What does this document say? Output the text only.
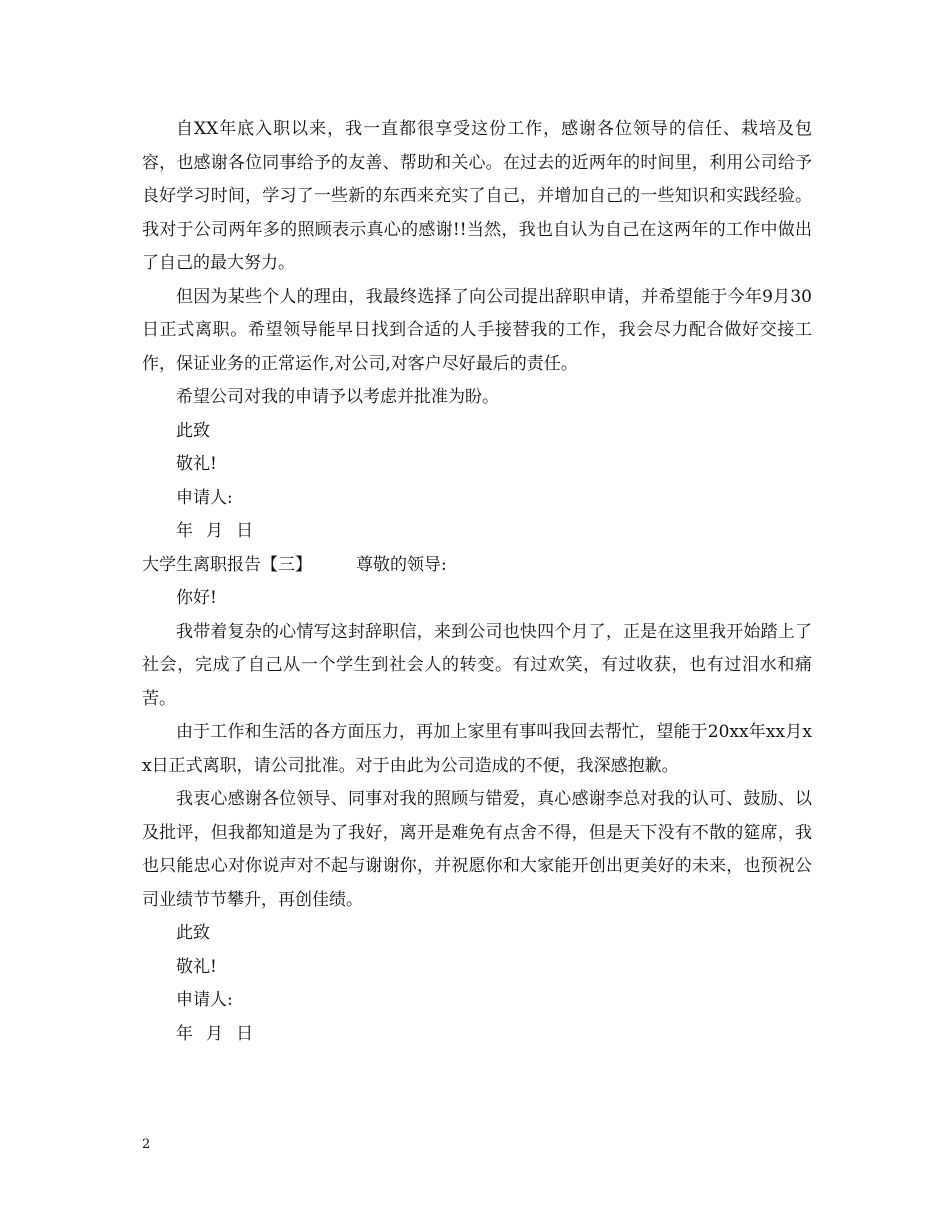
自XX年底入职以来，我一直都很享受这份工作，感谢各位领导的信任、栽培及包容，也感谢各位同事给予的友善、帮助和关心。在过去的近两年的时间里，利用公司给予良好学习时间，学习了一些新的东西来充实了自己，并增加自己的一些知识和实践经验。我对于公司两年多的照顾表示真心的感谢!!当然，我也自认为自己在这两年的工作中做出了自己的最大努力。

但因为某些个人的理由，我最终选择了向公司提出辞职申请，并希望能于今年9月30日正式离职。希望领导能早日找到合适的人手接替我的工作，我会尽力配合做好交接工作，保证业务的正常运作,对公司,对客户尽好最后的责任。

希望公司对我的申请予以考虑并批准为盼。

此致

敬礼!

申请人:

年 月 日

大学生离职报告【三】	尊敬的领导:

你好!

我带着复杂的心情写这封辞职信，来到公司也快四个月了，正是在这里我开始踏上了社会，完成了自己从一个学生到社会人的转变。有过欢笑，有过收获，也有过泪水和痛苦。

由于工作和生活的各方面压力，再加上家里有事叫我回去帮忙，望能于20xx年xx月xx日正式离职，请公司批准。对于由此为公司造成的不便，我深感抱歉。

我衷心感谢各位领导、同事对我的照顾与错爱，真心感谢李总对我的认可、鼓励、以及批评，但我都知道是为了我好，离开是难免有点舍不得，但是天下没有不散的筵席，我也只能忠心对你说声对不起与谢谢你，并祝愿你和大家能开创出更美好的未来，也预祝公司业绩节节攀升，再创佳绩。

此致

敬礼!

申请人:

年 月 日

2
